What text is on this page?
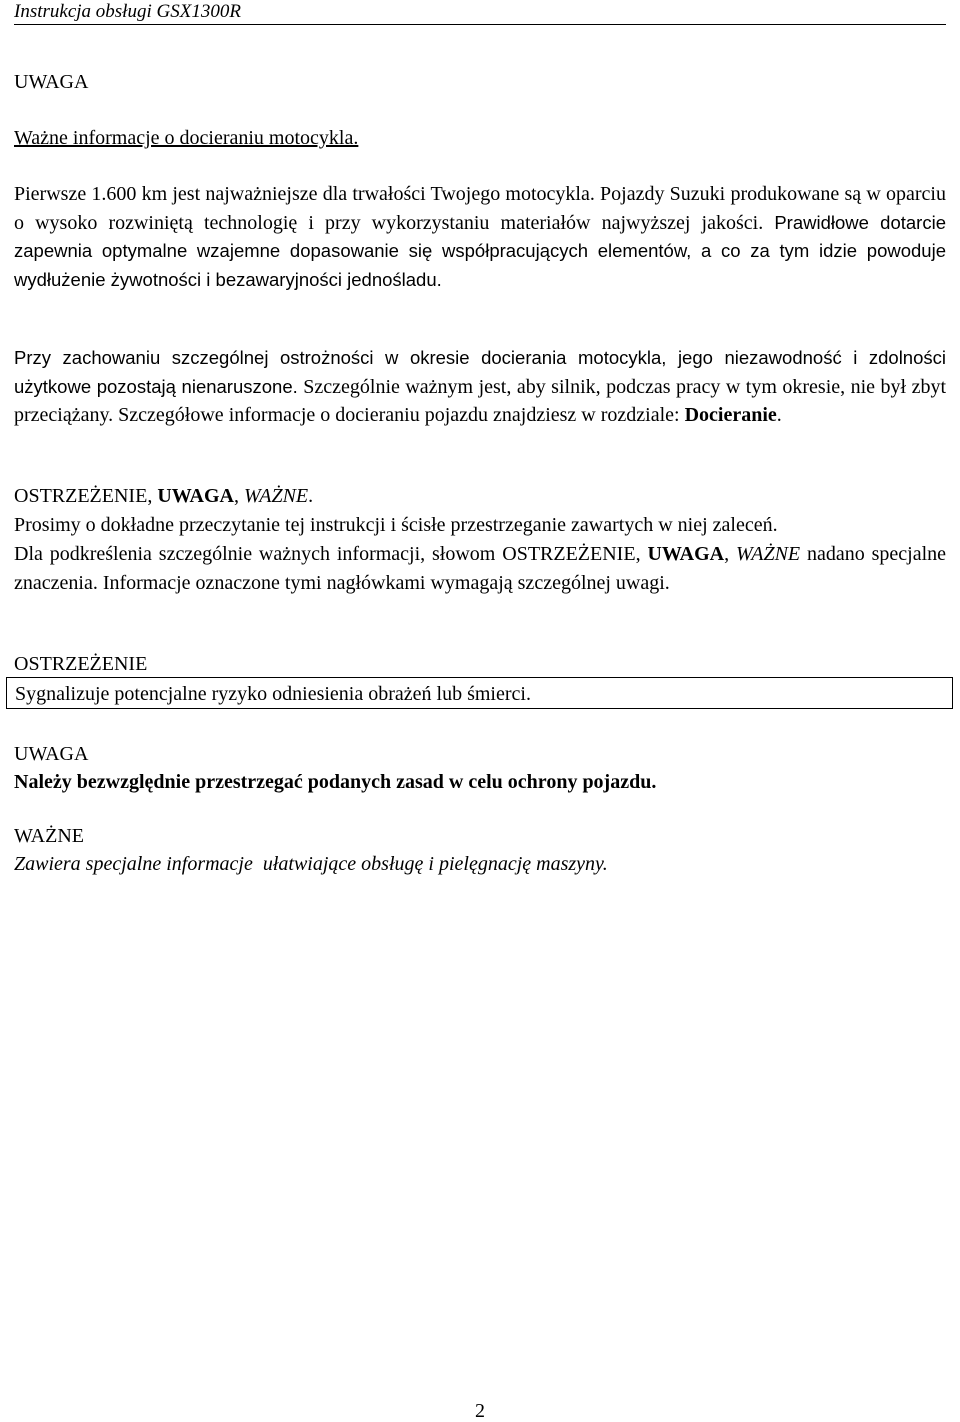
Instrukcja obsługi GSX1300R
UWAGA
Ważne informacje o docieraniu motocykla.
Pierwsze 1.600 km jest najważniejsze dla trwałości Twojego motocykla. Pojazdy Suzuki produkowane są w oparciu o wysoko rozwiniętą technologię i przy wykorzystaniu materiałów najwyższej jakości. Prawidłowe dotarcie zapewnia optymalne wzajemne dopasowanie się współpracujących elementów, a co za tym idzie powoduje wydłużenie żywotności i bezawaryjności jednośladu.
Przy zachowaniu szczególnej ostrożności w okresie docierania motocykla, jego niezawodność i zdolności użytkowe pozostają nienaruszone. Szczególnie ważnym jest, aby silnik, podczas pracy w tym okresie, nie był zbyt przeciążany. Szczegółowe informacje o docieraniu pojazdu znajdziesz w rozdziale: Docieranie.
OSTRZEŻENIE, UWAGA, WAŻNE.
Prosimy o dokładne przeczytanie tej instrukcji i ścisłe przestrzeganie zawartych w niej zaleceń.
Dla podkreślenia szczególnie ważnych informacji, słowom OSTRZEŻENIE, UWAGA, WAŻNE nadano specjalne znaczenia. Informacje oznaczone tymi nagłówkami wymagają szczególnej uwagi.
OSTRZEŻENIE
Sygnalizuje potencjalne ryzyko odniesienia obrażeń lub śmierci.
UWAGA
Należy bezwzględnie przestrzegać podanych zasad w celu ochrony pojazdu.
WAŻNE
Zawiera specjalne informacje  ułatwiające obsługę i pielęgnację maszyny.
2
